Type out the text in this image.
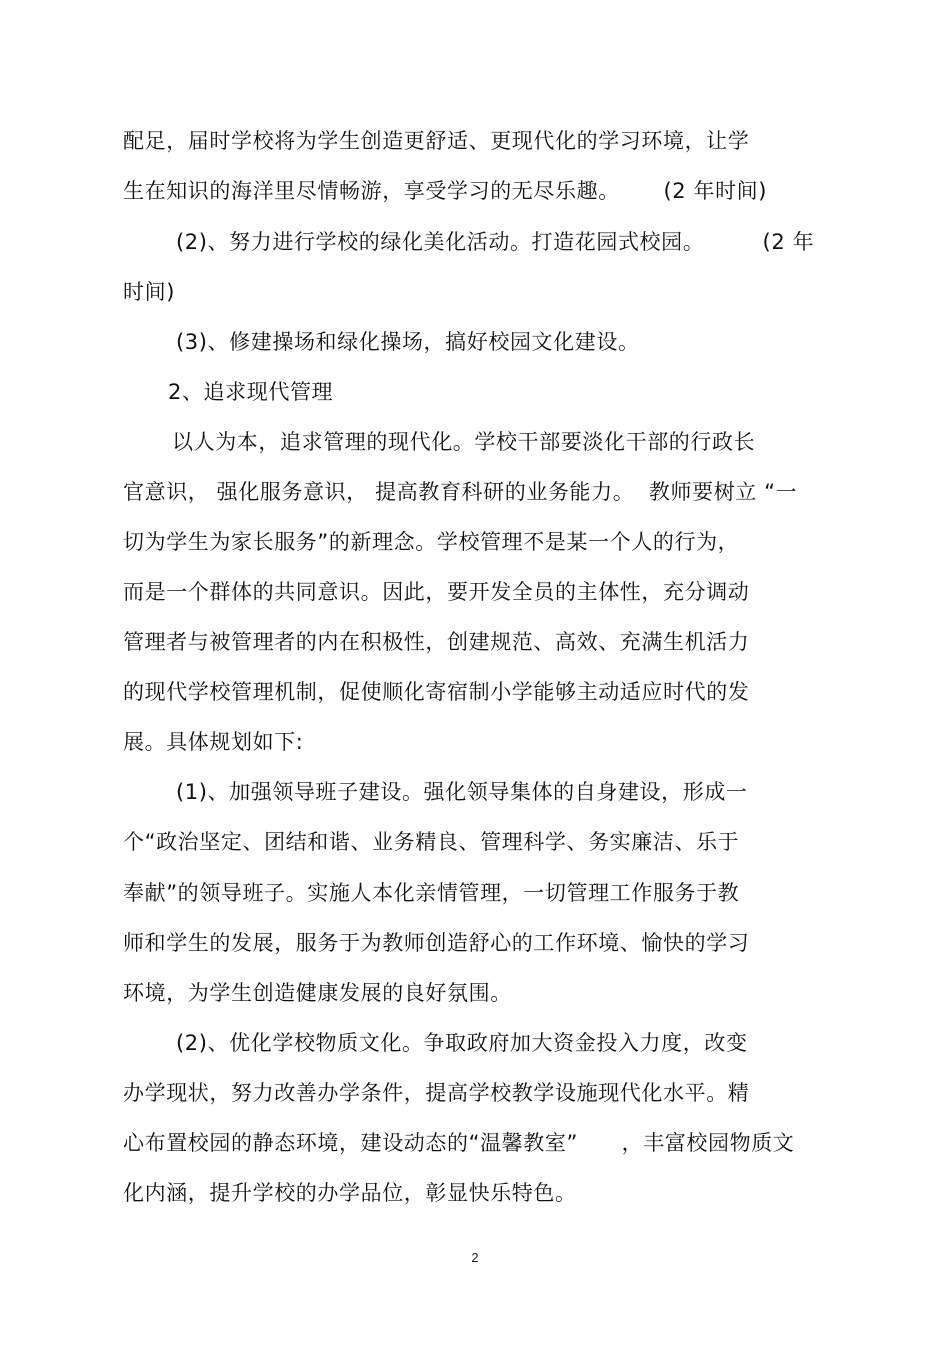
配足，届时学校将为学生创造更舒适、更现代化的学习环境，让学
生在知识的海洋里尽情畅游，享受学习的无尽乐趣。      (2 年时间)
(2)、努力进行学校的绿化美化活动。打造花园式校园。        (2 年
时间)
(3)、修建操场和绿化操场，搞好校园文化建设。
2、追求现代管理
以人为本，追求管理的现代化。学校干部要淡化干部的行政长
官意识， 强化服务意识， 提高教育科研的业务能力。  教师要树立 “一
切为学生为家长服务”的新理念。学校管理不是某一个人的行为，
而是一个群体的共同意识。因此，要开发全员的主体性，充分调动
管理者与被管理者的内在积极性，创建规范、高效、充满生机活力
的现代学校管理机制，促使顺化寄宿制小学能够主动适应时代的发
展。具体规划如下:
(1)、加强领导班子建设。强化领导集体的自身建设，形成一
个“政治坚定、团结和谐、业务精良、管理科学、务实廉洁、乐于
奉献”的领导班子。实施人本化亲情管理，一切管理工作服务于教
师和学生的发展，服务于为教师创造舒心的工作环境、愉快的学习
环境，为学生创造健康发展的良好氛围。
(2)、优化学校物质文化。争取政府加大资金投入力度，改变
办学现状，努力改善办学条件，提高学校教学设施现代化水平。精
心布置校园的静态环境，建设动态的“温馨教室”      ，丰富校园物质文
化内涵，提升学校的办学品位，彰显快乐特色。
2
